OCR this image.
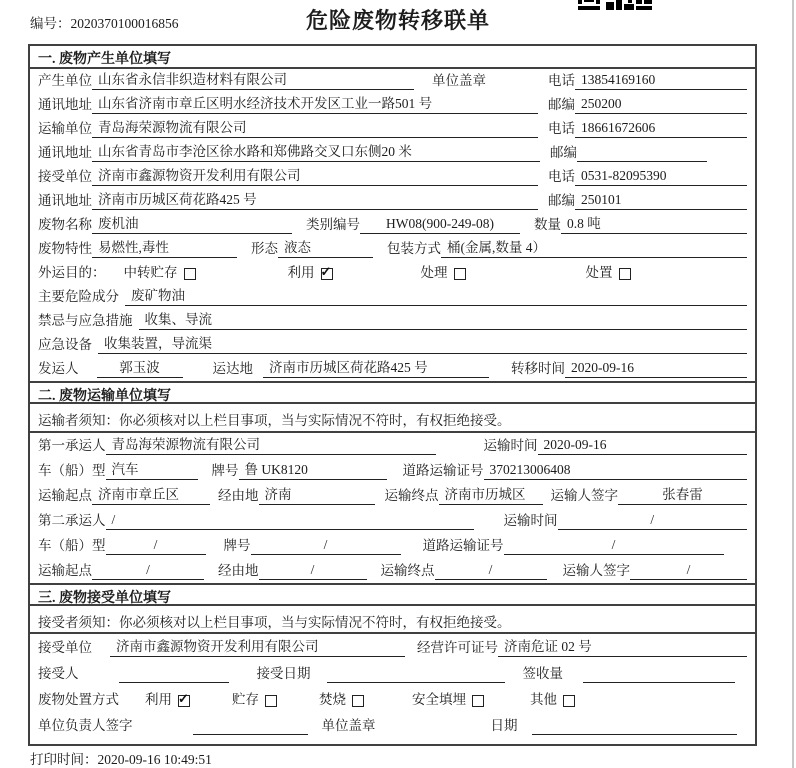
编号：2020370100016856	危险废物转移联单
一. 废物产生单位填写
产生单位 山东省永信非织造材料有限公司	单位盖章	电话 13854169160
通讯地址 山东省济南市章丘区明水经济技术开发区工业一路501 号	邮编 250200
运输单位 青岛海荣源物流有限公司	电话 18661672606
通讯地址 山东省青岛市李沧区徐水路和郑佛路交叉口东侧20 米	邮编
接受单位 济南市鑫源物资开发利用有限公司	电话 0531-82095390
通讯地址 济南市历城区荷花路425 号	邮编 250101
废物名称 废机油	类别编号	HW08(900-249-08)	数量 0.8 吨
废物特性 易燃性,毒性	形态 液态	包装方式 桶(金属,数量 4）
外运目的： 中转贮存	利用 ✓	处理	处置
主要危险成分 废矿物油
禁忌与应急措施 收集、导流
应急设备 收集装置，导流渠
发运人	郭玉波	运达地	济南市历城区荷花路425 号	转移时间 2020-09-16
二. 废物运输单位填写
运输者须知：你必须核对以上栏目事项，当与实际情况不符时，有权拒绝接受。
第一承运人 青岛海荣源物流有限公司	运输时间 2020-09-16
车（船）型 汽车	牌号 鲁 UK8120	道路运输证号 370213006408
运输起点 济南市章丘区	经由地 济南	运输终点 济南市历城区	运输人签字	张春雷
第二承运人 /	运输时间	/
车（船）型	/	牌号	/	道路运输证号	/
运输起点	/	经由地	/	运输终点	/	运输人签字	/
三. 废物接受单位填写
接受者须知：你必须核对以上栏目事项，当与实际情况不符时，有权拒绝接受。
接受单位	济南市鑫源物资开发利用有限公司	经营许可证号 济南危证 02 号
接受人	接受日期	签收量
废物处置方式 利用 ✓	贮存	焚烧	安全填埋	其他
单位负责人签字	单位盖章	日期
打印时间：2020-09-16 10:49:51
